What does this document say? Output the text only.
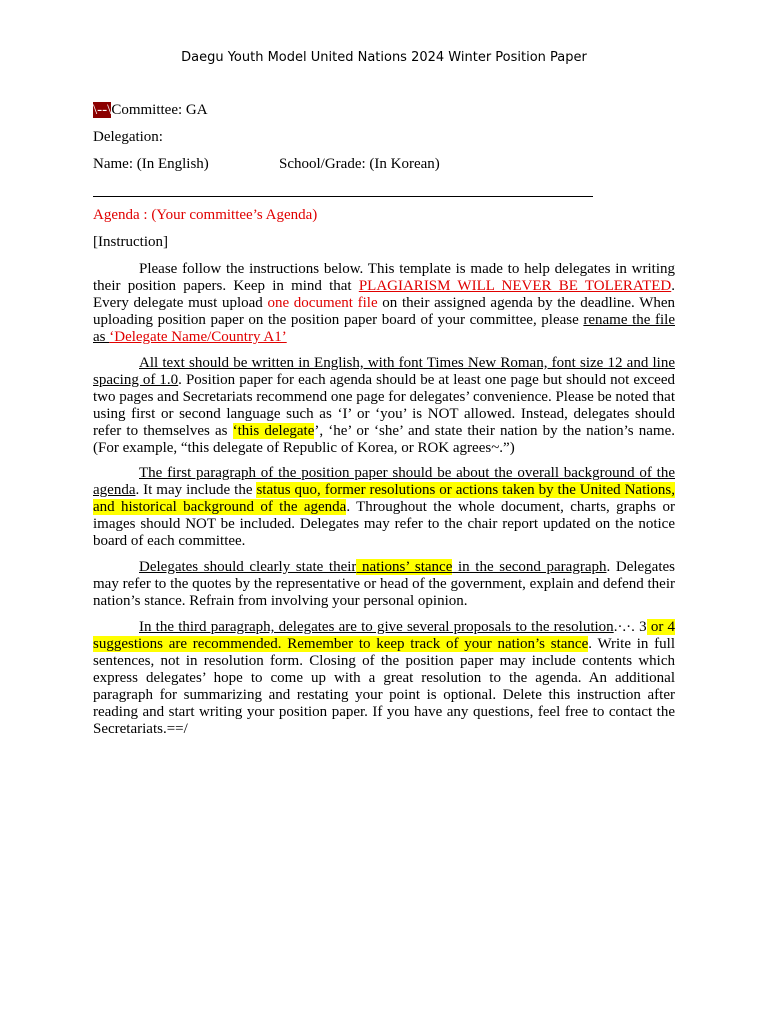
Daegu Youth Model United Nations 2024 Winter Position Paper
\--\Committee: GA
Delegation:
Name: (In English)	School/Grade: (In Korean)
Agenda : (Your committee’s Agenda)
[Instruction]

Please follow the instructions below. This template is made to help delegates in writing their position papers. Keep in mind that PLAGIARISM WILL NEVER BE TOLERATED. Every delegate must upload one document file on their assigned agenda by the deadline. When uploading position paper on the position paper board of your committee, please rename the file as ‘Delegate Name/Country A1’

All text should be written in English, with font Times New Roman, font size 12 and line spacing of 1.0. Position paper for each agenda should be at least one page but should not exceed two pages and Secretariats recommend one page for delegates’ convenience. Please be noted that using first or second language such as ‘I’ or ‘you’ is NOT allowed. Instead, delegates should refer to themselves as ‘this delegate’, ‘he’ or ‘she’ and state their nation by the nation’s name. (For example, “this delegate of Republic of Korea, or ROK agrees~.”)

The first paragraph of the position paper should be about the overall background of the agenda. It may include the status quo, former resolutions or actions taken by the United Nations, and historical background of the agenda. Throughout the whole document, charts, graphs or images should NOT be included. Delegates may refer to the chair report updated on the notice board of each committee.

Delegates should clearly state their nations’ stance in the second paragraph. Delegates may refer to the quotes by the representative or head of the government, explain and defend their nation’s stance. Refrain from involving your personal opinion.

In the third paragraph, delegates are to give several proposals to the resolution.·.·. 3 or 4 suggestions are recommended. Remember to keep track of your nation’s stance. Write in full sentences, not in resolution form. Closing of the position paper may include contents which express delegates’ hope to come up with a great resolution to the agenda. An additional paragraph for summarizing and restating your point is optional. Delete this instruction after reading and start writing your position paper. If you have any questions, feel free to contact the Secretariats.==/
